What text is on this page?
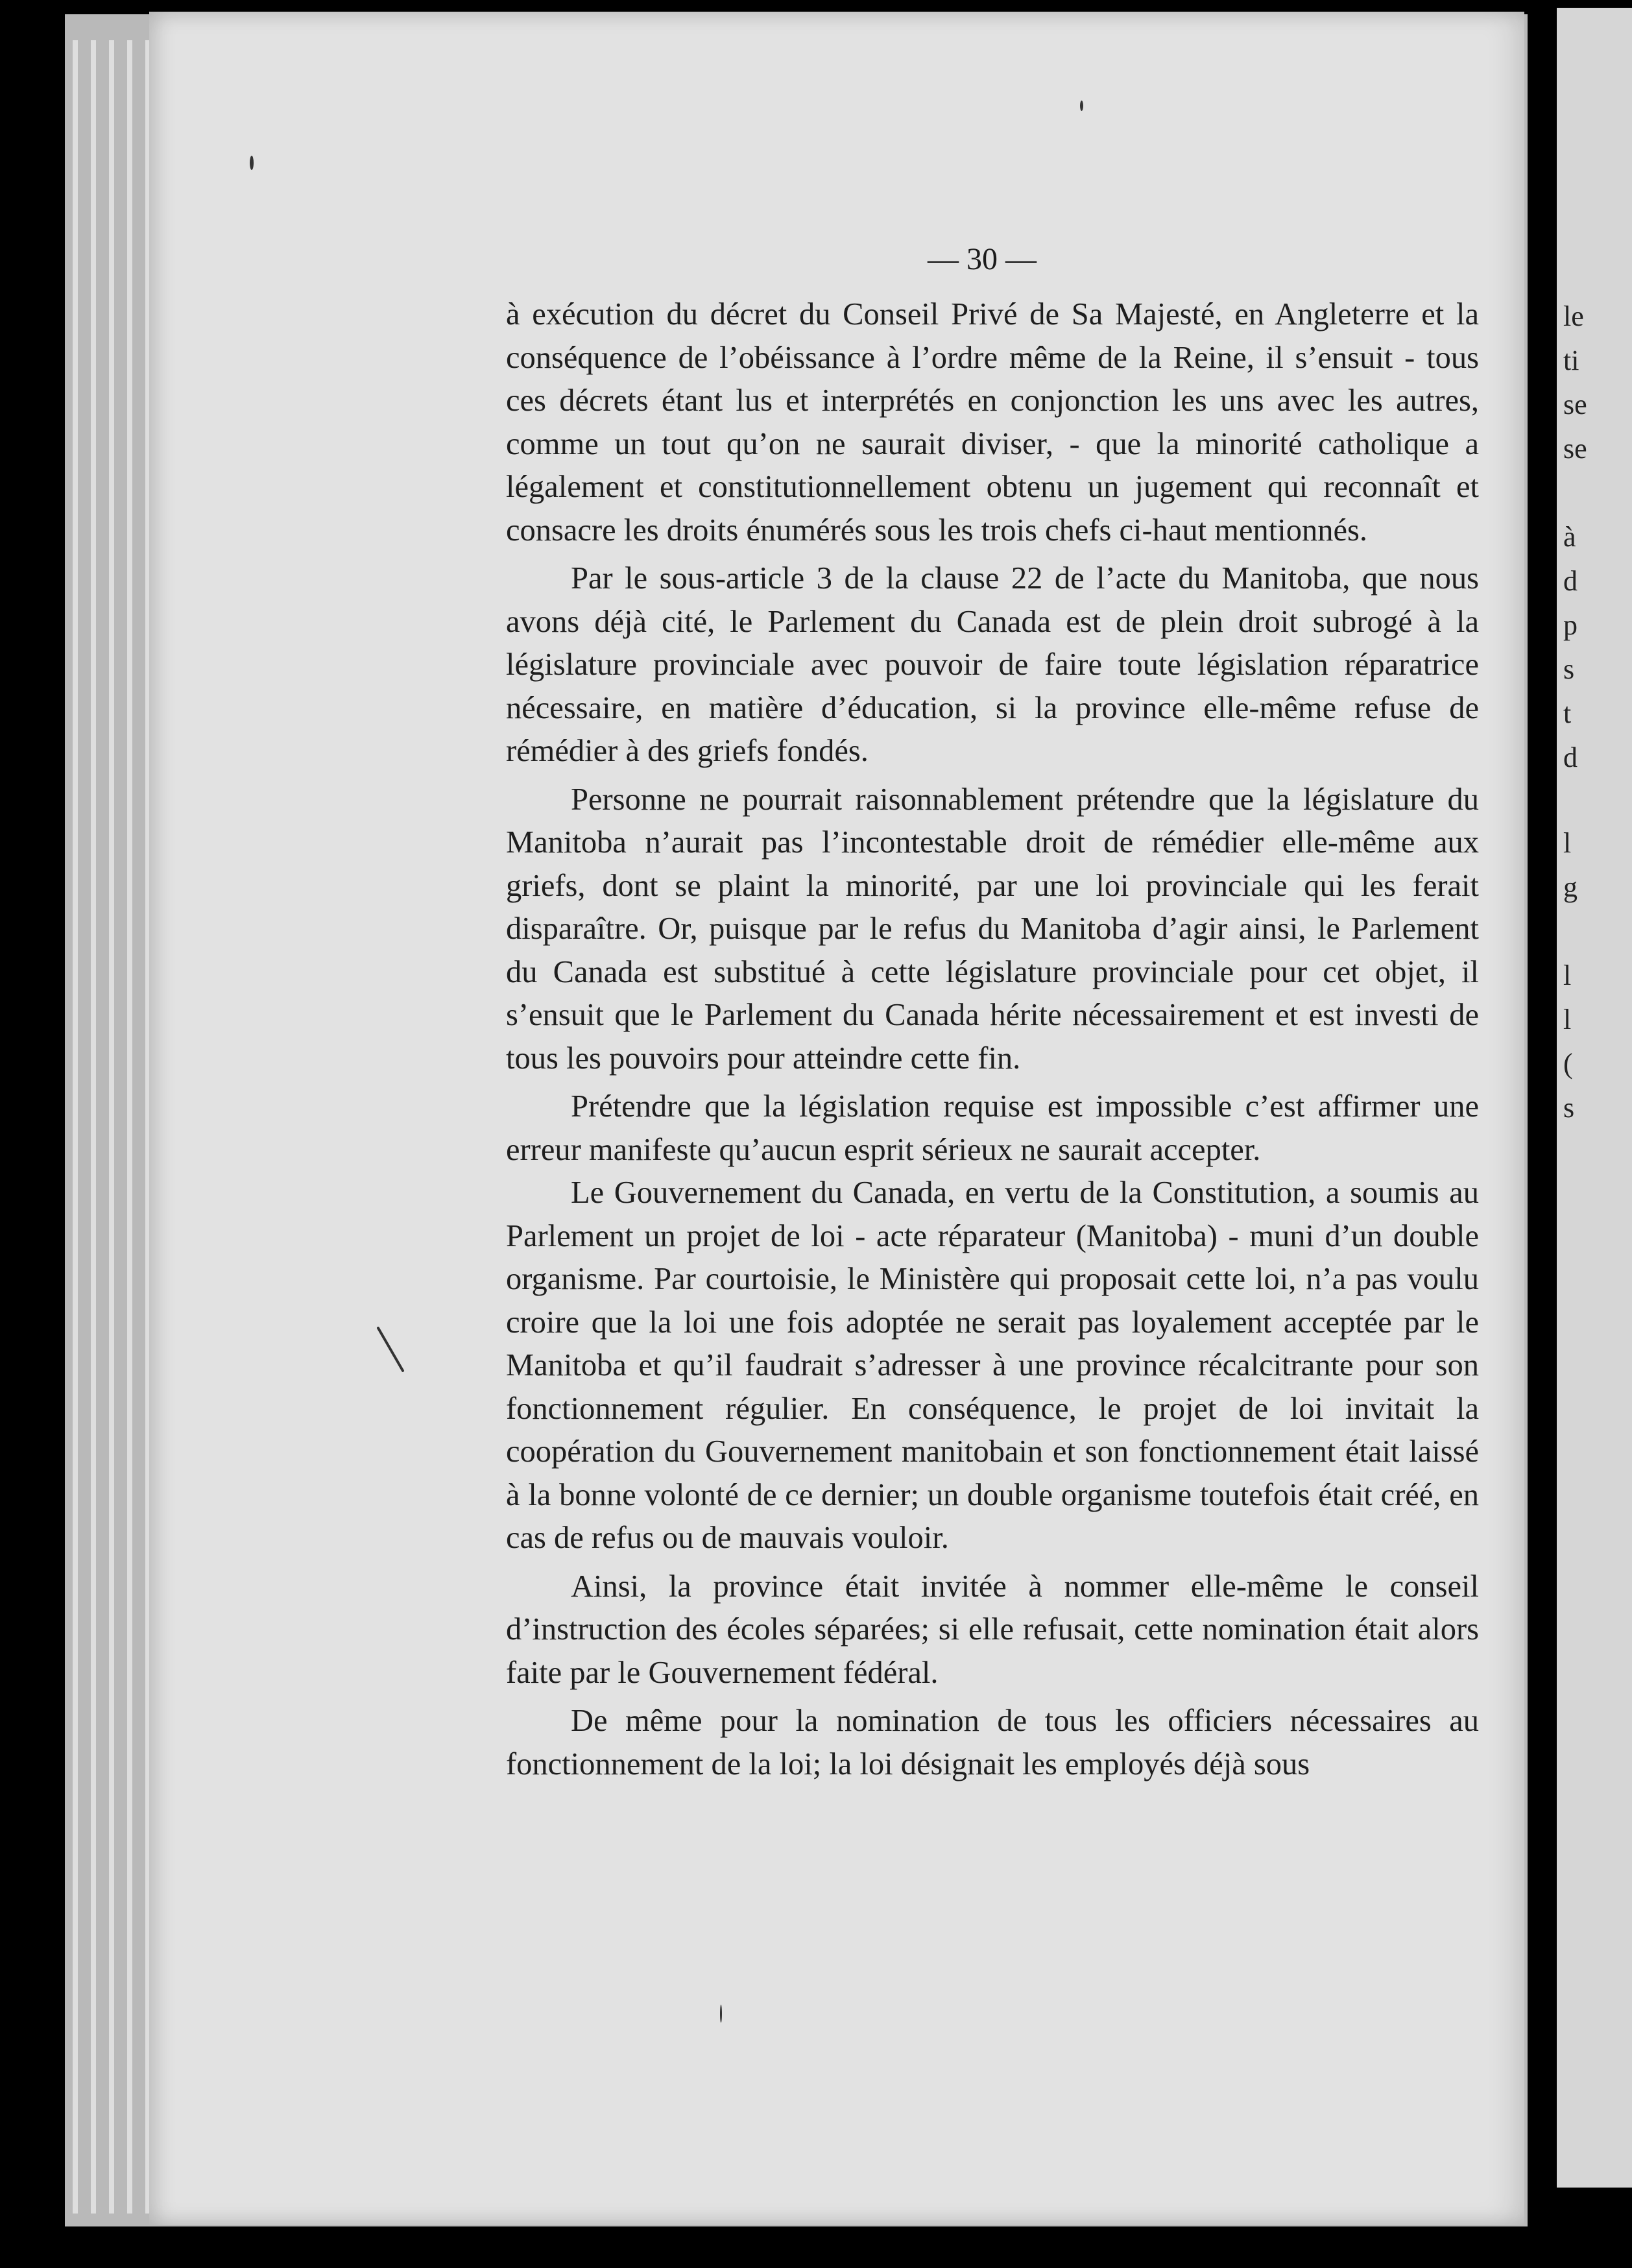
— 30 —

à exécution du décret du Conseil Privé de Sa Majesté, en Angleterre et la conséquence de l’obéissance à l’ordre même de la Reine, il s’ensuit - tous ces décrets étant lus et interprétés en conjonction les uns avec les autres, comme un tout qu’on ne saurait diviser, - que la minorité catholique a légalement et constitutionnellement obtenu un jugement qui reconnaît et consacre les droits énumérés sous les trois chefs ci-haut mentionnés.

Par le sous-article 3 de la clause 22 de l’acte du Manitoba, que nous avons déjà cité, le Parlement du Canada est de plein droit subrogé à la législature provinciale avec pouvoir de faire toute législation réparatrice nécessaire, en matière d’éducation, si la province elle-même refuse de rémédier à des griefs fondés.

Personne ne pourrait raisonnablement prétendre que la législature du Manitoba n’aurait pas l’incontestable droit de rémédier elle-même aux griefs, dont se plaint la minorité, par une loi provinciale qui les ferait disparaître. Or, puisque par le refus du Manitoba d’agir ainsi, le Parlement du Canada est substitué à cette législature provinciale pour cet objet, il s’ensuit que le Parlement du Canada hérite nécessairement et est investi de tous les pouvoirs pour atteindre cette fin.

Prétendre que la législation requise est impossible c’est affirmer une erreur manifeste qu’aucun esprit sérieux ne saurait accepter.

Le Gouvernement du Canada, en vertu de la Constitution, a soumis au Parlement un projet de loi - acte réparateur (Manitoba) - muni d’un double organisme. Par courtoisie, le Ministère qui proposait cette loi, n’a pas voulu croire que la loi une fois adoptée ne serait pas loyalement acceptée par le Manitoba et qu’il faudrait s’adresser à une province récalcitrante pour son fonctionnement régulier. En conséquence, le projet de loi invitait la coopération du Gouvernement manitobain et son fonctionnement était laissé à la bonne volonté de ce dernier; un double organisme toutefois était créé, en cas de refus ou de mauvais vouloir.

Ainsi, la province était invitée à nommer elle-même le conseil d’instruction des écoles séparées; si elle refusait, cette nomination était alors faite par le Gouvernement fédéral.

De même pour la nomination de tous les officiers nécessaires au fonctionnement de la loi; la loi désignait les employés déjà sous

le
ti
se
se
à
d
p
s
t
d
l
g
l
l
(
s
